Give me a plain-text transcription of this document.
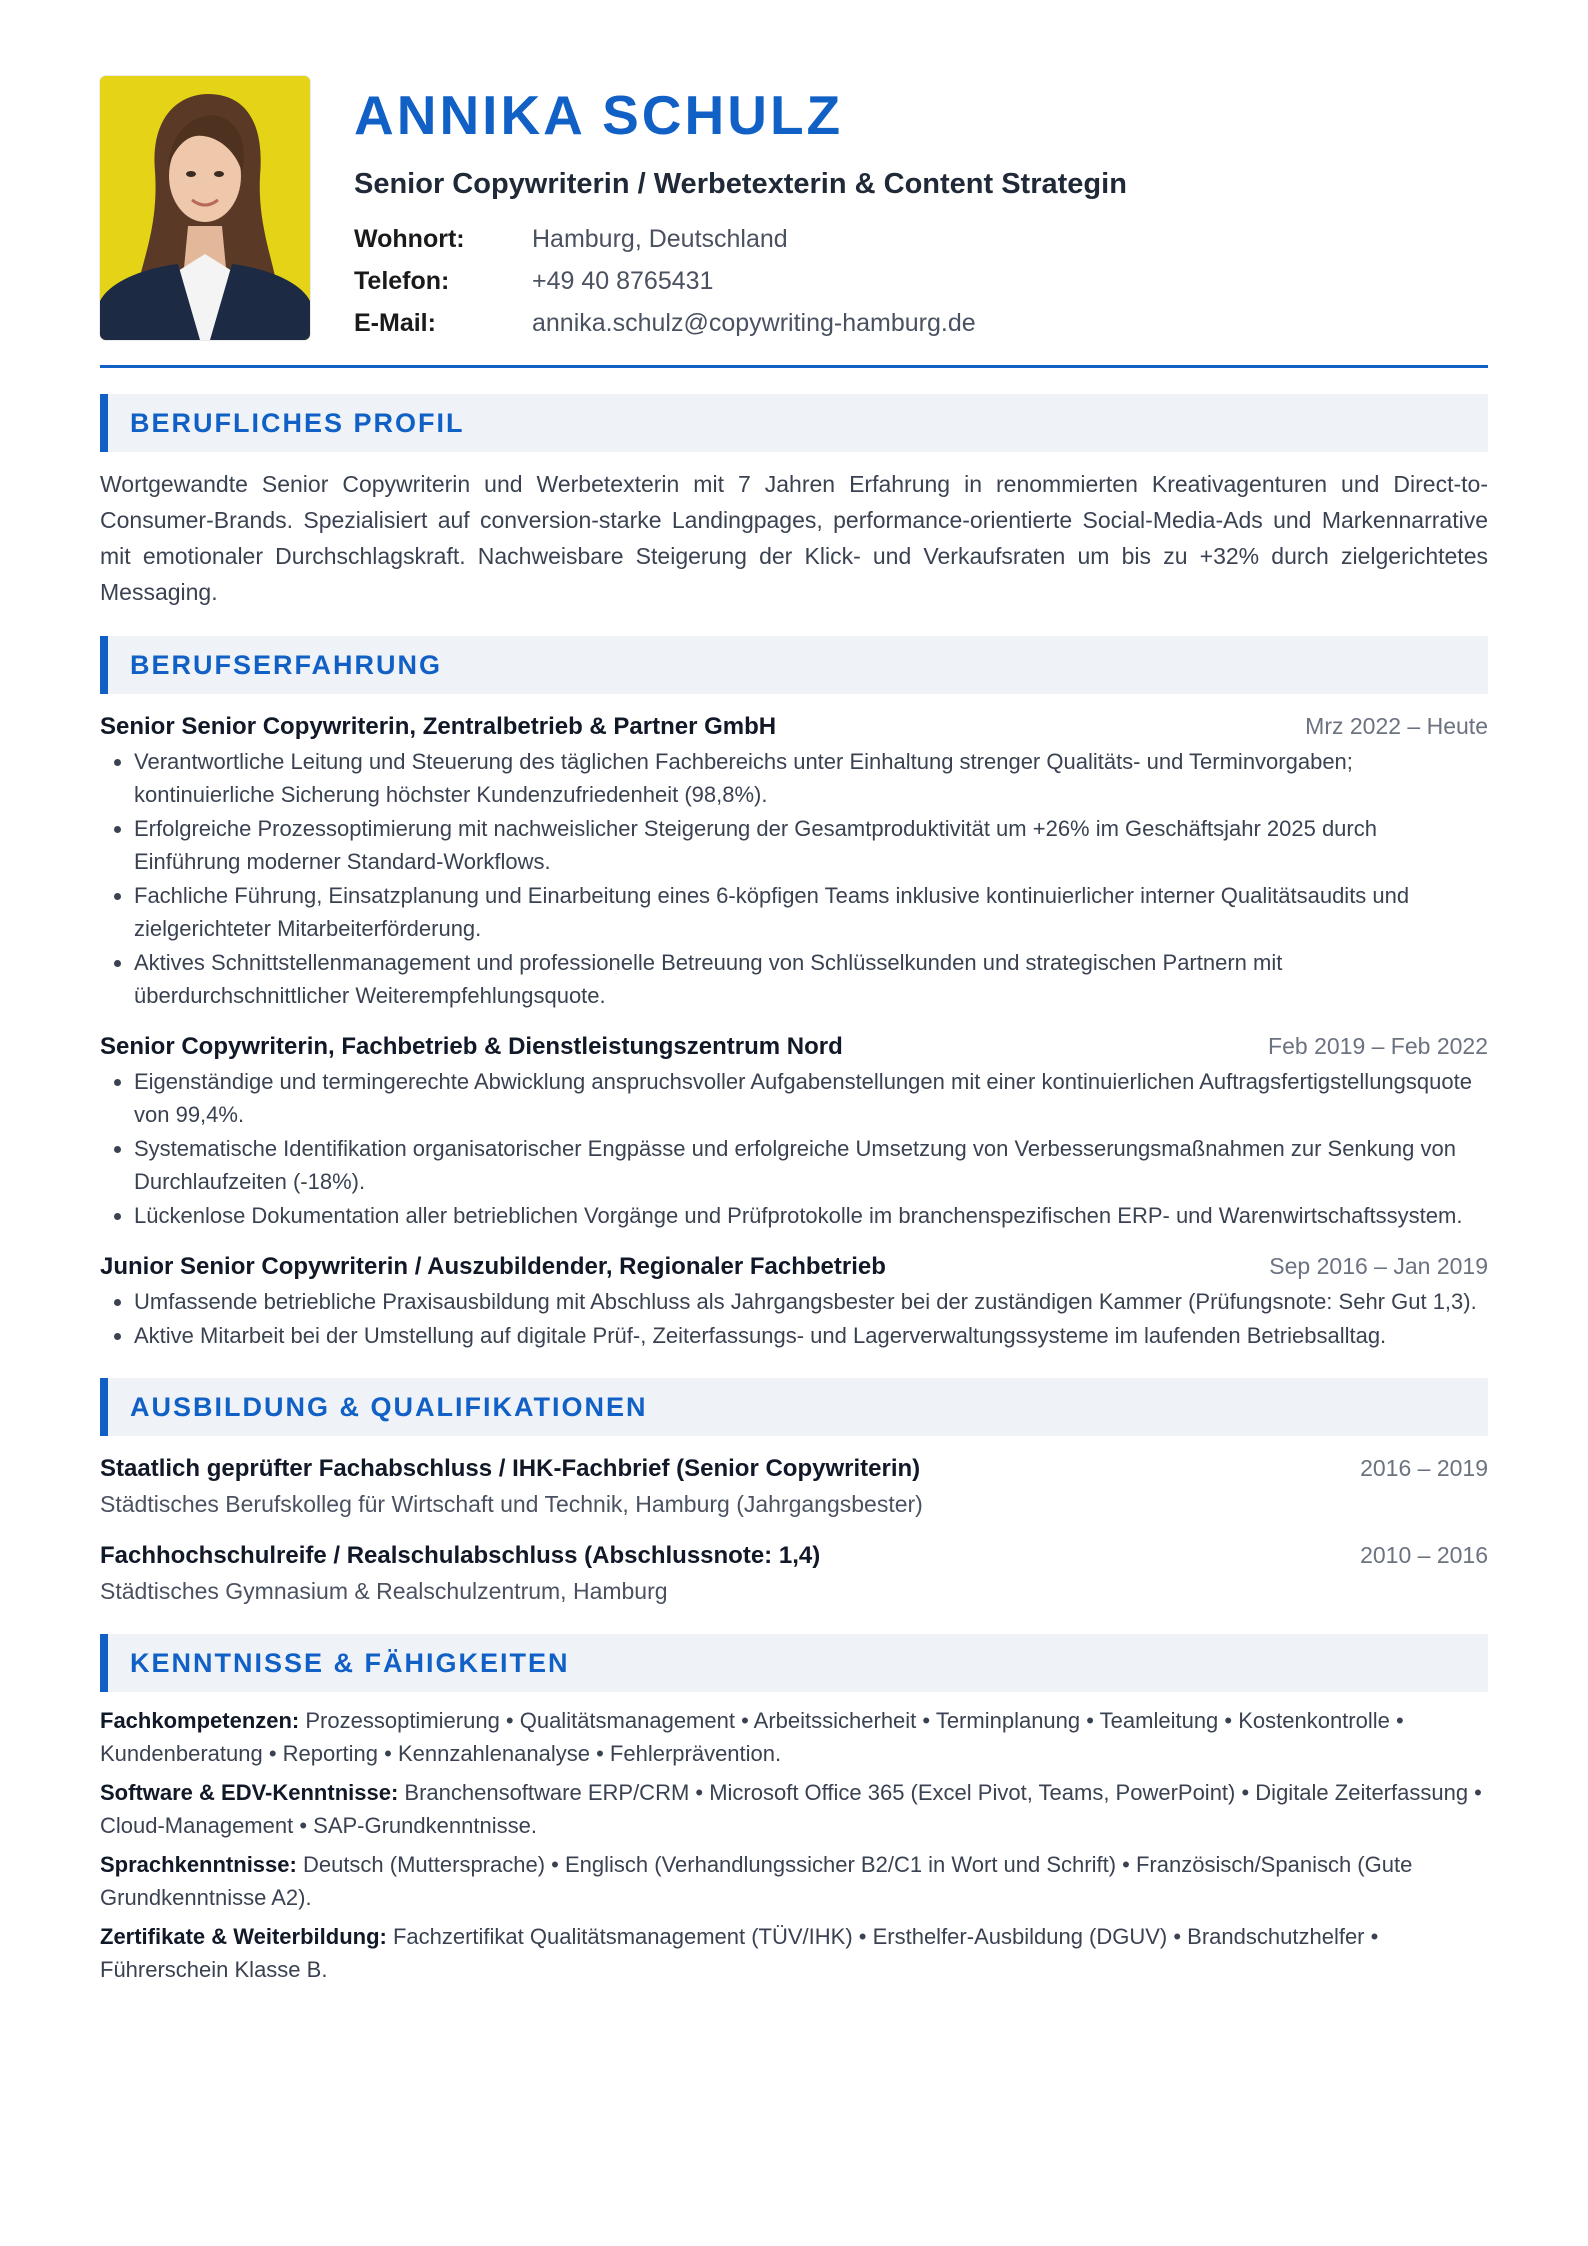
ANNIKA SCHULZ
Senior Copywriterin / Werbetexterin & Content Strategin
Wohnort:	Hamburg, Deutschland
Telefon:	+49 40 8765431
E-Mail:	annika.schulz@copywriting-hamburg.de
BERUFLICHES PROFIL
Wortgewandte Senior Copywriterin und Werbetexterin mit 7 Jahren Erfahrung in renommierten Kreativagenturen und Direct-to-Consumer-Brands. Spezialisiert auf conversion-starke Landingpages, performance-orientierte Social-Media-Ads und Markennarrative mit emotionaler Durchschlagskraft. Nachweisbare Steigerung der Klick- und Verkaufsraten um bis zu +32% durch zielgerichtetes Messaging.
BERUFSERFAHRUNG
Senior Senior Copywriterin, Zentralbetrieb & Partner GmbH	Mrz 2022 – Heute
• Verantwortliche Leitung und Steuerung des täglichen Fachbereichs unter Einhaltung strenger Qualitäts- und Terminvorgaben; kontinuierliche Sicherung höchster Kundenzufriedenheit (98,8%).
• Erfolgreiche Prozessoptimierung mit nachweislicher Steigerung der Gesamtproduktivität um +26% im Geschäftsjahr 2025 durch Einführung moderner Standard-Workflows.
• Fachliche Führung, Einsatzplanung und Einarbeitung eines 6-köpfigen Teams inklusive kontinuierlicher interner Qualitätsaudits und zielgerichteter Mitarbeiterförderung.
• Aktives Schnittstellenmanagement und professionelle Betreuung von Schlüsselkunden und strategischen Partnern mit überdurchschnittlicher Weiterempfehlungsquote.
Senior Copywriterin, Fachbetrieb & Dienstleistungszentrum Nord	Feb 2019 – Feb 2022
• Eigenständige und termingerechte Abwicklung anspruchsvoller Aufgabenstellungen mit einer kontinuierlichen Auftragsfertigstellungsquote von 99,4%.
• Systematische Identifikation organisatorischer Engpässe und erfolgreiche Umsetzung von Verbesserungsmaßnahmen zur Senkung von Durchlaufzeiten (-18%).
• Lückenlose Dokumentation aller betrieblichen Vorgänge und Prüfprotokolle im branchenspezifischen ERP- und Warenwirtschaftssystem.
Junior Senior Copywriterin / Auszubildender, Regionaler Fachbetrieb	Sep 2016 – Jan 2019
• Umfassende betriebliche Praxisausbildung mit Abschluss als Jahrgangsbester bei der zuständigen Kammer (Prüfungsnote: Sehr Gut 1,3).
• Aktive Mitarbeit bei der Umstellung auf digitale Prüf-, Zeiterfassungs- und Lagerverwaltungssysteme im laufenden Betriebsalltag.
AUSBILDUNG & QUALIFIKATIONEN
Staatlich geprüfter Fachabschluss / IHK-Fachbrief (Senior Copywriterin)	2016 – 2019
Städtisches Berufskolleg für Wirtschaft und Technik, Hamburg (Jahrgangsbester)
Fachhochschulreife / Realschulabschluss (Abschlussnote: 1,4)	2010 – 2016
Städtisches Gymnasium & Realschulzentrum, Hamburg
KENNTNISSE & FÄHIGKEITEN
Fachkompetenzen: Prozessoptimierung • Qualitätsmanagement • Arbeitssicherheit • Terminplanung • Teamleitung • Kostenkontrolle • Kundenberatung • Reporting • Kennzahlenanalyse • Fehlerprävention.
Software & EDV-Kenntnisse: Branchensoftware ERP/CRM • Microsoft Office 365 (Excel Pivot, Teams, PowerPoint) • Digitale Zeiterfassung • Cloud-Management • SAP-Grundkenntnisse.
Sprachkenntnisse: Deutsch (Muttersprache) • Englisch (Verhandlungssicher B2/C1 in Wort und Schrift) • Französisch/Spanisch (Gute Grundkenntnisse A2).
Zertifikate & Weiterbildung: Fachzertifikat Qualitätsmanagement (TÜV/IHK) • Ersthelfer-Ausbildung (DGUV) • Brandschutzhelfer • Führerschein Klasse B.
